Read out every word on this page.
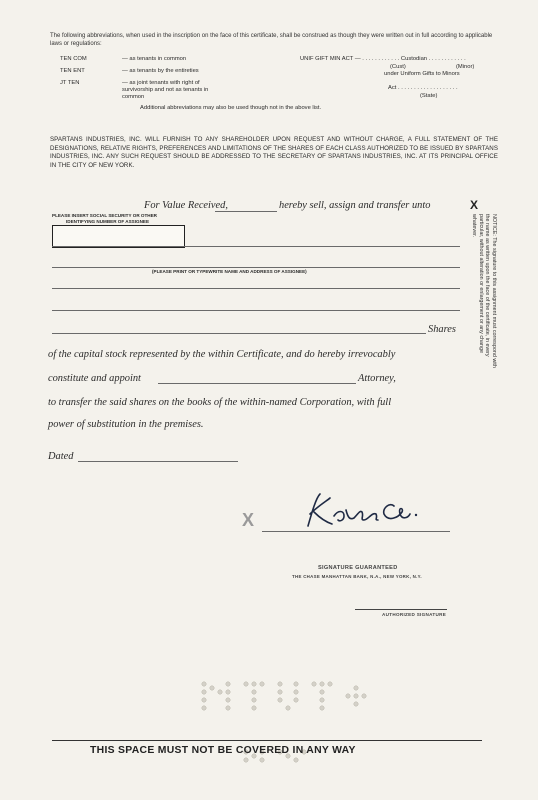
The following abbreviations, when used in the inscription on the face of this certificate, shall be construed as though they were written out in full according to applicable laws or regulations:
TEN COM	— as tenants in common
TEN ENT	— as tenants by the entireties
JT TEN	— as joint tenants with right of survivorship and not as tenants in common
UNIF GIFT MIN ACT — . . . . . . . . . . . . Custodian . . . . . . . . . . . .
(Cust)	(Minor)
under Uniform Gifts to Minors
Act . . . . . . . . . . . . . . . . . . .
(State)
Additional abbreviations may also be used though not in the above list.
SPARTANS INDUSTRIES, INC. WILL FURNISH TO ANY SHAREHOLDER UPON REQUEST AND WITHOUT CHARGE, A FULL STATEMENT OF THE DESIGNATIONS, RELATIVE RIGHTS, PREFERENCES AND LIMITATIONS OF THE SHARES OF EACH CLASS AUTHORIZED TO BE ISSUED BY SPARTANS INDUSTRIES, INC. ANY SUCH REQUEST SHOULD BE ADDRESSED TO THE SECRETARY OF SPARTANS INDUSTRIES, INC. AT ITS PRINCIPAL OFFICE IN THE CITY OF NEW YORK.
For Value Received,	hereby sell, assign and transfer unto
PLEASE INSERT SOCIAL SECURITY OR OTHER
IDENTIFYING NUMBER OF ASSIGNEE
(PLEASE PRINT OR TYPEWRITE NAME AND ADDRESS OF ASSIGNEE)
Shares
of the capital stock represented by the within Certificate, and do hereby irrevocably
constitute and appoint	Attorney,
to transfer the said shares on the books of the within-named Corporation, with full
power of substitution in the premises.
Dated
X
NOTICE: The signature to this assignment must correspond with the name as written upon the face of the certificate, in every particular, without alteration or enlargement or any change whatever.
X
SIGNATURE GUARANTEED
THE CHASE MANHATTAN BANK, N.A., NEW YORK, N.Y.
AUTHORIZED SIGNATURE
THIS SPACE MUST NOT BE COVERED IN ANY WAY
